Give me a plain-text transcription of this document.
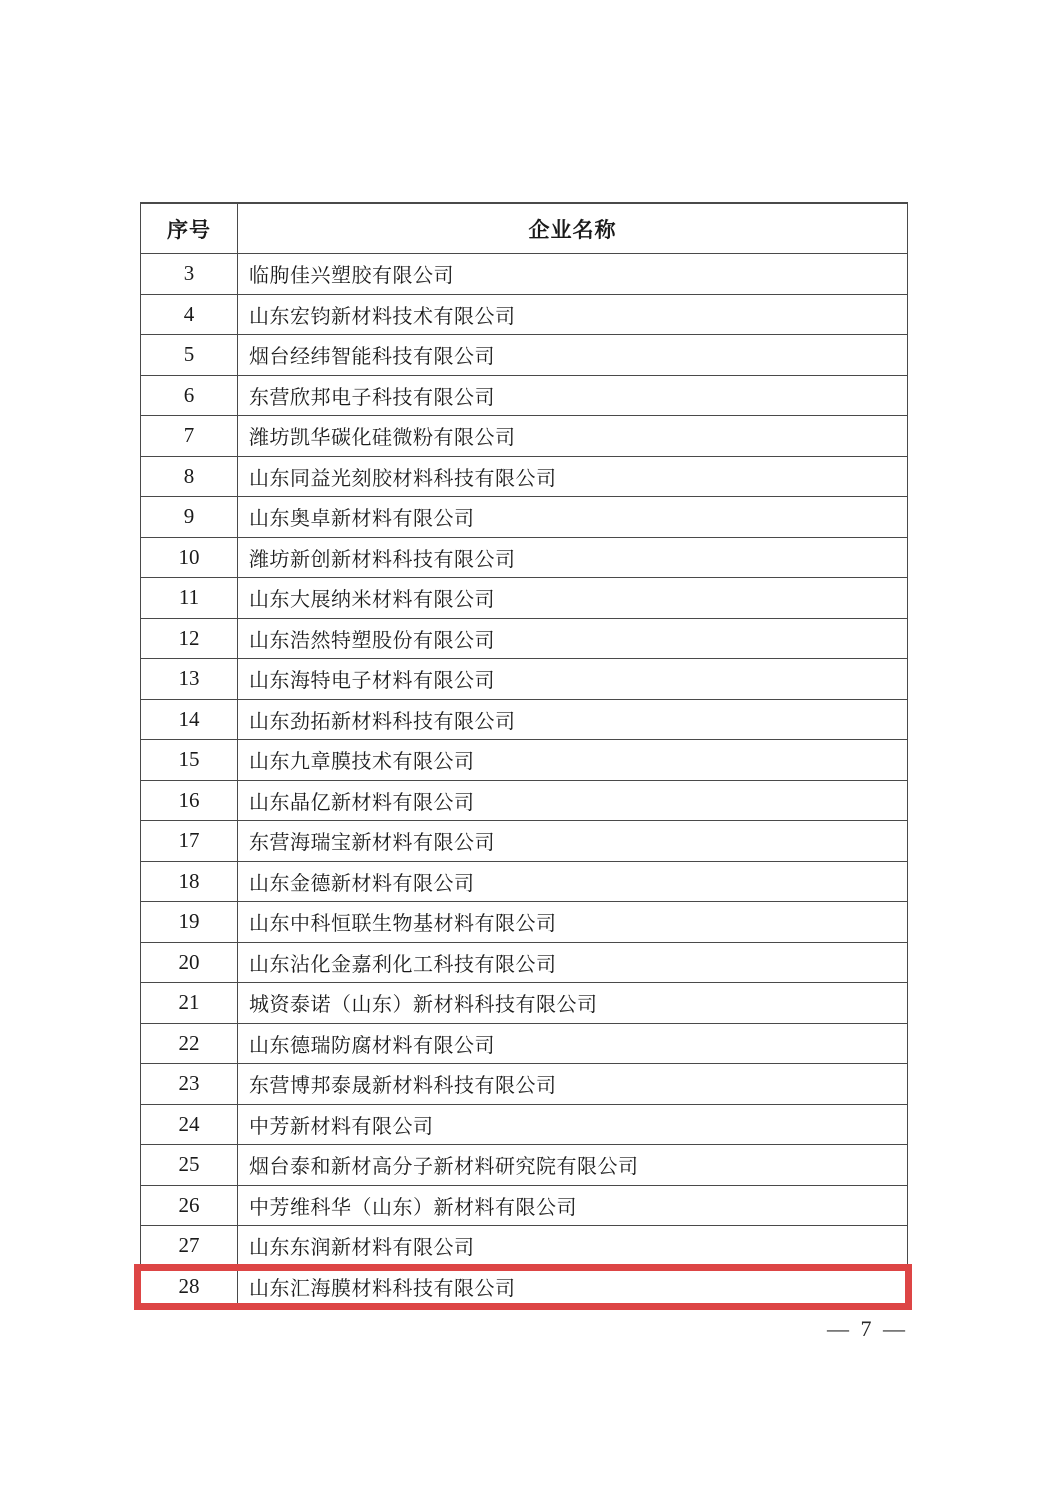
序号	企业名称
3	临朐佳兴塑胶有限公司
4	山东宏钧新材料技术有限公司
5	烟台经纬智能科技有限公司
6	东营欣邦电子科技有限公司
7	潍坊凯华碳化硅微粉有限公司
8	山东同益光刻胶材料科技有限公司
9	山东奥卓新材料有限公司
10	潍坊新创新材料科技有限公司
11	山东大展纳米材料有限公司
12	山东浩然特塑股份有限公司
13	山东海特电子材料有限公司
14	山东劲拓新材料科技有限公司
15	山东九章膜技术有限公司
16	山东晶亿新材料有限公司
17	东营海瑞宝新材料有限公司
18	山东金德新材料有限公司
19	山东中科恒联生物基材料有限公司
20	山东沾化金嘉利化工科技有限公司
21	城资泰诺（山东）新材料科技有限公司
22	山东德瑞防腐材料有限公司
23	东营博邦泰晟新材料科技有限公司
24	中芳新材料有限公司
25	烟台泰和新材高分子新材料研究院有限公司
26	中芳维科华（山东）新材料有限公司
27	山东东润新材料有限公司
28	山东汇海膜材料科技有限公司
— 7 —
